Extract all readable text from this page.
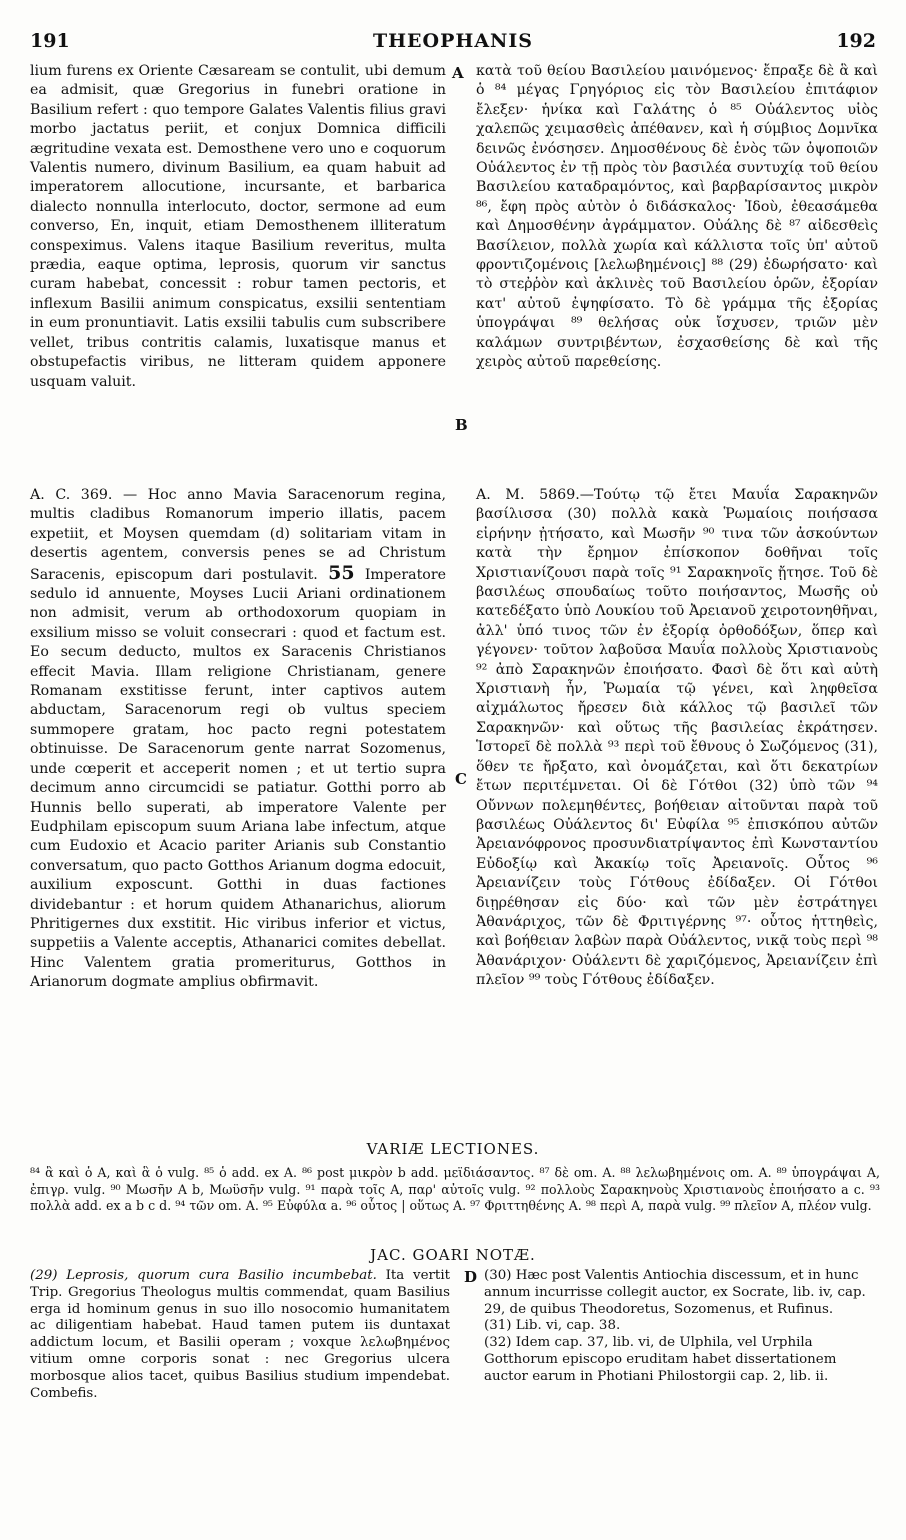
191	THEOPHANIS	192
A
B
C
D

lium furens ex Oriente Cæsaream se contulit, ubi demum ea admisit, quæ Gregorius in funebri oratione in Basilium refert : quo tempore Galates Valentis filius gravi morbo jactatus periit, et conjux Domnica difficili ægritudine vexata est. Demosthene vero uno e coquorum Valentis numero, divinum Basilium, ea quam habuit ad imperatorem allocutione, incursante, et barbarica dialecto nonnulla interlocuto, doctor, sermone ad eum converso, En, inquit, etiam Demosthenem illiteratum conspeximus. Valens itaque Basilium reveritus, multa prædia, eaque optima, leprosis, quorum vir sanctus curam habebat, concessit : robur tamen pectoris, et inflexum Basilii animum conspicatus, exsilii sententiam in eum pronuntiavit. Latis exsilii tabulis cum subscribere vellet, tribus contritis calamis, luxatisque manus et obstupefactis viribus, ne litteram quidem apponere usquam valuit.

κατὰ τοῦ θείου Βασιλείου μαινόμενος· ἔπραξε δὲ ἃ καὶ ὁ ⁸⁴ μέγας Γρηγόριος εἰς τὸν Βασιλείου ἐπιτάφιον ἔλεξεν· ἡνίκα καὶ Γαλάτης ὁ ⁸⁵ Οὐάλεντος υἱὸς χαλεπῶς χειμασθεὶς ἀπέθανεν, καὶ ἡ σύμβιος Δομνῖκα δεινῶς ἐνόσησεν. Δημοσθένους δὲ ἑνὸς τῶν ὀψοποιῶν Οὐάλεντος ἐν τῇ πρὸς τὸν βασιλέα συντυχίᾳ τοῦ θείου Βασιλείου καταδραμόντος, καὶ βαρβαρίσαντος μικρὸν ⁸⁶, ἔφη πρὸς αὐτὸν ὁ διδάσκαλος· Ἰδοὺ, ἐθεασάμεθα καὶ Δημοσθένην ἀγράμματον. Οὐάλης δὲ ⁸⁷ αἰδεσθεὶς Βασίλειον, πολλὰ χωρία καὶ κάλλιστα τοῖς ὑπ' αὐτοῦ φροντιζομένοις [λελωβημένοις] ⁸⁸ (29) ἐδωρήσατο· καὶ τὸ στεῤῥὸν καὶ ἀκλινὲς τοῦ Βασιλείου ὁρῶν, ἐξορίαν κατ' αὐτοῦ ἐψηφίσατο. Τὸ δὲ γράμμα τῆς ἐξορίας ὑπογράψαι ⁸⁹ θελήσας οὐκ ἴσχυσεν, τριῶν μὲν καλάμων συντριβέντων, ἐσχασθείσης δὲ καὶ τῆς χειρὸς αὐτοῦ παρεθείσης.

A. C. 369. — Hoc anno Mavia Saracenorum regina, multis cladibus Romanorum imperio illatis, pacem expetiit, et Moysen quemdam (d) solitariam vitam in desertis agentem, conversis penes se ad Christum Saracenis, episcopum dari postulavit. 55 Imperatore sedulo id annuente, Moyses Lucii Ariani ordinationem non admisit, verum ab orthodoxorum quopiam in exsilium misso se voluit consecrari : quod et factum est. Eo secum deducto, multos ex Saracenis Christianos effecit Mavia. Illam religione Christianam, genere Romanam exstitisse ferunt, inter captivos autem abductam, Saracenorum regi ob vultus speciem summopere gratam, hoc pacto regni potestatem obtinuisse. De Saracenorum gente narrat Sozomenus, unde cœperit et acceperit nomen ; et ut tertio supra decimum anno circumcidi se patiatur. Gotthi porro ab Hunnis bello superati, ab imperatore Valente per Eudphilam episcopum suum Ariana labe infectum, atque cum Eudoxio et Acacio pariter Arianis sub Constantio conversatum, quo pacto Gotthos Arianum dogma edocuit, auxilium exposcunt. Gotthi in duas factiones dividebantur : et horum quidem Athanarichus, aliorum Phritigernes dux exstitit. Hic viribus inferior et victus, suppetiis a Valente acceptis, Athanarici comites debellat. Hinc Valentem gratia promeriturus, Gotthos in Arianorum dogmate amplius obfirmavit.

A. M. 5869.—Τούτῳ τῷ ἔτει Μαυΐα Σαρακηνῶν βασίλισσα (30) πολλὰ κακὰ Ῥωμαίοις ποιήσασα εἰρήνην ᾐτήσατο, καὶ Μωσῆν ⁹⁰ τινα τῶν ἀσκούντων κατὰ τὴν ἔρημον ἐπίσκοπον δοθῆναι τοῖς Χριστιανίζουσι παρὰ τοῖς ⁹¹ Σαρακηνοῖς ᾔτησε. Τοῦ δὲ βασιλέως σπουδαίως τοῦτο ποιήσαντος, Μωσῆς οὐ κατεδέξατο ὑπὸ Λουκίου τοῦ Ἀρειανοῦ χειροτονηθῆναι, ἀλλ' ὑπό τινος τῶν ἐν ἐξορίᾳ ὀρθοδόξων, ὅπερ καὶ γέγονεν· τοῦτον λαβοῦσα Μαυΐα πολλοὺς Χριστιανοὺς ⁹² ἀπὸ Σαρακηνῶν ἐποιήσατο. Φασὶ δὲ ὅτι καὶ αὐτὴ Χριστιανὴ ἦν, Ῥωμαία τῷ γένει, καὶ ληφθεῖσα αἰχμάλωτος ἤρεσεν διὰ κάλλος τῷ βασιλεῖ τῶν Σαρακηνῶν· καὶ οὕτως τῆς βασιλείας ἐκράτησεν. Ἱστορεῖ δὲ πολλὰ ⁹³ περὶ τοῦ ἔθνους ὁ Σωζόμενος (31), ὅθεν τε ἤρξατο, καὶ ὀνομάζεται, καὶ ὅτι δεκατρίων ἔτων περιτέμνεται. Οἱ δὲ Γότθοι (32) ὑπὸ τῶν ⁹⁴ Οὔννων πολεμηθέντες, βοήθειαν αἰτοῦνται παρὰ τοῦ βασιλέως Οὐάλεντος δι' Εὐφίλα ⁹⁵ ἐπισκόπου αὐτῶν Ἀρειανόφρονος προσυνδιατρίψαντος ἐπὶ Κωνσταντίου Εὐδοξίῳ καὶ Ἀκακίῳ τοῖς Ἀρειανοῖς. Οὗτος ⁹⁶ Ἀρειανίζειν τοὺς Γότθους ἐδίδαξεν. Οἱ Γότθοι διῃρέθησαν εἰς δύο· καὶ τῶν μὲν ἐστράτηγει Ἀθανάριχος, τῶν δὲ Φριτιγέρνης ⁹⁷· οὗτος ἡττηθεὶς, καὶ βοήθειαν λαβὼν παρὰ Οὐάλεντος, νικᾷ τοὺς περὶ ⁹⁸ Ἀθανάριχον· Οὐάλεντι δὲ χαριζόμενος, Ἀρειανίζειν ἐπὶ πλεῖον ⁹⁹ τοὺς Γότθους ἐδίδαξεν.

VARIÆ LECTIONES.

⁸⁴ ἃ καὶ ὁ A, καὶ ἃ ὁ vulg. ⁸⁵ ὁ add. ex A. ⁸⁶ post μικρὸν b add. μεϊδιάσαντος. ⁸⁷ δὲ om. A. ⁸⁸ λελωβημένοις om. A. ⁸⁹ ὑπογράψαι A, ἐπιγρ. vulg. ⁹⁰ Μωσῆν A b, Μωϋσῆν vulg. ⁹¹ παρὰ τοῖς A, παρ' αὐτοῖς vulg. ⁹² πολλοὺς Σαρακηνοὺς Χριστιανοὺς ἐποιήσατο a c. ⁹³ πολλὰ add. ex a b c d. ⁹⁴ τῶν om. A. ⁹⁵ Εὐφύλα a. ⁹⁶ οὗτος | οὕτως A. ⁹⁷ Φριττηθένης A. ⁹⁸ περὶ A, παρὰ vulg. ⁹⁹ πλεῖον A, πλέον vulg.

JAC. GOARI NOTÆ.

(29) Leprosis, quorum cura Basilio incumbebat. Ita vertit Trip. Gregorius Theologus multis commendat, quam Basilius erga id hominum genus in suo illo nosocomio humanitatem ac diligentiam habebat. Haud tamen putem iis duntaxat addictum locum, et Basilii operam ; voxque λελωβημένος vitium omne corporis sonat : nec Gregorius ulcera morbosque alios tacet, quibus Basilius studium impendebat. Combefis.

(30) Hæc post Valentis Antiochia discessum, et in hunc annum incurrisse collegit auctor, ex Socrate, lib. iv, cap. 29, de quibus Theodoretus, Sozomenus, et Rufinus.

(31) Lib. vi, cap. 38.

(32) Idem cap. 37, lib. vi, de Ulphila, vel Urphila Gotthorum episcopo eruditam habet dissertationem auctor earum in Photiani Philostorgii cap. 2, lib. ii.
